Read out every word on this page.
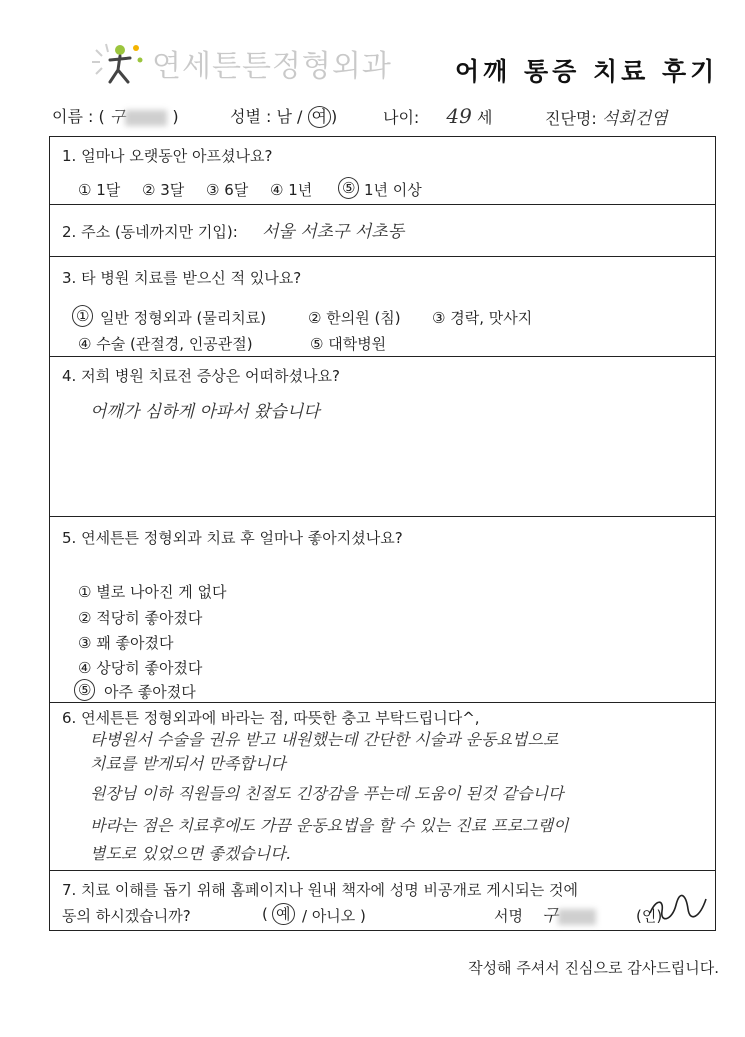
연세튼튼정형외과	어깨 통증 치료 후기
이름 : ( 구	)	성별 : 남 / 여 )	나이: 49 세	진단명: 석회건염
1. 얼마나 오랫동안 아프셨나요?
① 1달 ② 3달 ③ 6달 ④ 1년 ⑤ 1년 이상
2. 주소 (동네까지만 기입): 서울 서초구 서초동
3. 타 병원 치료를 받으신 적 있나요?
① 일반 정형외과 (물리치료)	② 한의원 (침) ③ 경락, 맛사지
④ 수술 (관절경, 인공관절)	⑤ 대학병원
4. 저희 병원 치료전 증상은 어떠하셨나요?
어깨가 심하게 아파서 왔습니다
5. 연세튼튼 정형외과 치료 후 얼마나 좋아지셨나요?
① 별로 나아진 게 없다
② 적당히 좋아졌다
③ 꽤 좋아졌다
④ 상당히 좋아졌다
⑤ 아주 좋아졌다
6. 연세튼튼 정형외과에 바라는 점, 따뜻한 충고 부탁드립니다^,
타병원서 수술을 권유 받고 내원했는데 간단한 시술과 운동요법으로
치료를 받게되서 만족합니다
원장님 이하 직원들의 친절도 긴장감을 푸는데 도움이 된것 같습니다
바라는 점은 치료후에도 가끔 운동요법을 할 수 있는 진료 프로그램이
별도로 있었으면 좋겠습니다.
7. 치료 이해를 돕기 위해 홈페이지나 원내 책자에 성명 비공개로 게시되는 것에
동의 하시겠습니까?	( 예 / 아니오 )	서명 구	(인)
작성해 주셔서 진심으로 감사드립니다.
